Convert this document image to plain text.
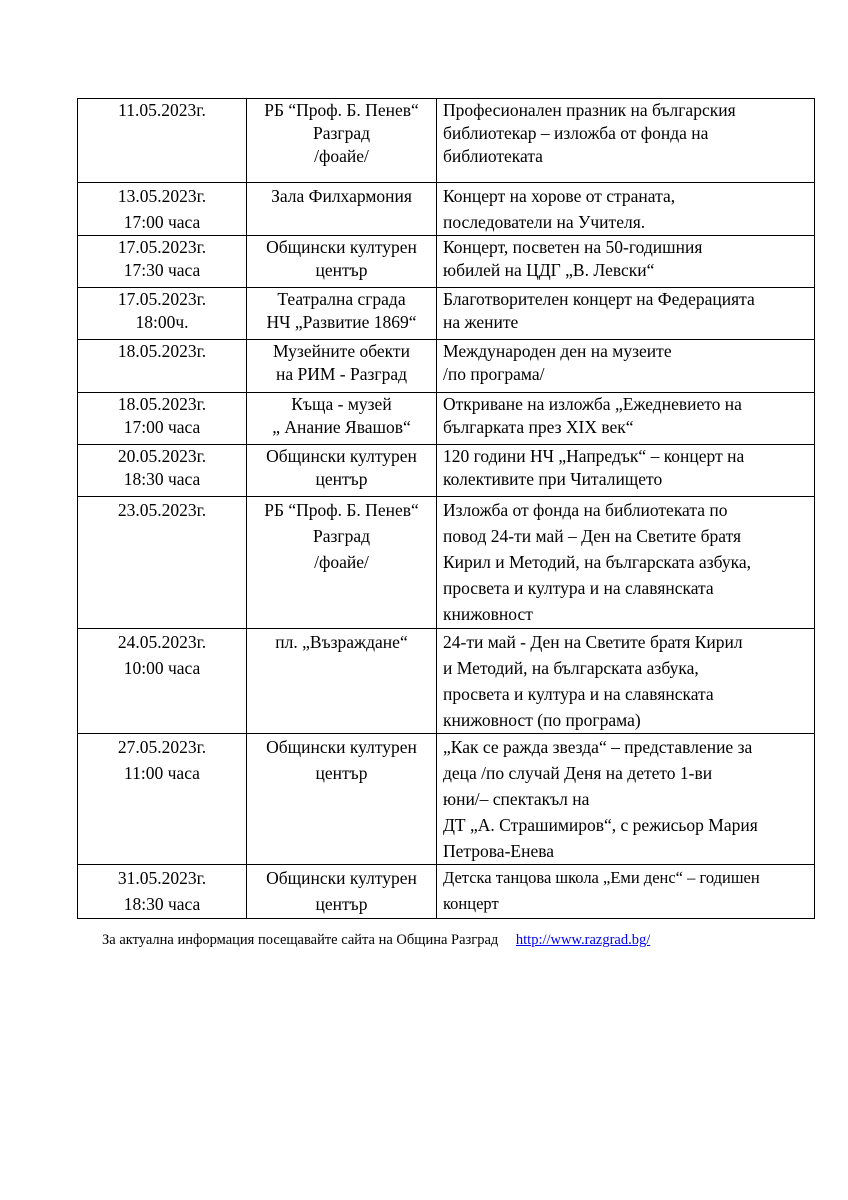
11.05.2023г.	РБ “Проф. Б. Пенев“
Разград
/фоайе/	Професионален празник на българския
библиотекар – изложба от фонда на
библиотеката

13.05.2023г.
17:00 часа	Зала Филхармония	Концерт на хорове от страната,
последователи на Учителя.

17.05.2023г.
17:30 часа	Общински културен
център	Концерт, посветен на 50-годишния
юбилей на ЦДГ „В. Левски“

17.05.2023г.
18:00ч.	Театрална сграда
НЧ „Развитие 1869“	Благотворителен концерт на Федерацията
на жените

18.05.2023г.	Музейните обекти
на РИМ - Разград	Международен ден на музеите
/по програма/

18.05.2023г.
17:00 часа	Къща - музей
„ Анание Явашов“	Откриване на изложба „Ежедневието на
българката през XIX век“

20.05.2023г.
18:30 часа	Общински културен
център	120 години НЧ „Напредък“ – концерт на
колективите при Читалището

23.05.2023г.	РБ “Проф. Б. Пенев“
Разград
/фоайе/	Изложба от фонда на библиотеката по
повод 24-ти май – Ден на Светите братя
Кирил и Методий, на българската азбука,
просвета и култура и на славянската
книжовност

24.05.2023г.
10:00 часа	пл. „Възраждане“	24-ти май - Ден на Светите братя Кирил
и Методий, на българската азбука,
просвета и култура и на славянската
книжовност (по програма)

27.05.2023г.
11:00 часа	Общински културен
център	„Как се ражда звезда“ – представление за
деца /по случай Деня на детето 1-ви
юни/– спектакъл на
ДТ „А. Страшимиров“, с режисьор Мария
Петрова-Енева

31.05.2023г.
18:30 часа	Общински културен
център	Детска танцова школа „Еми денс“ – годишен
концерт
За актуална информация посещавайте сайта на Община Разград http://www.razgrad.bg/
